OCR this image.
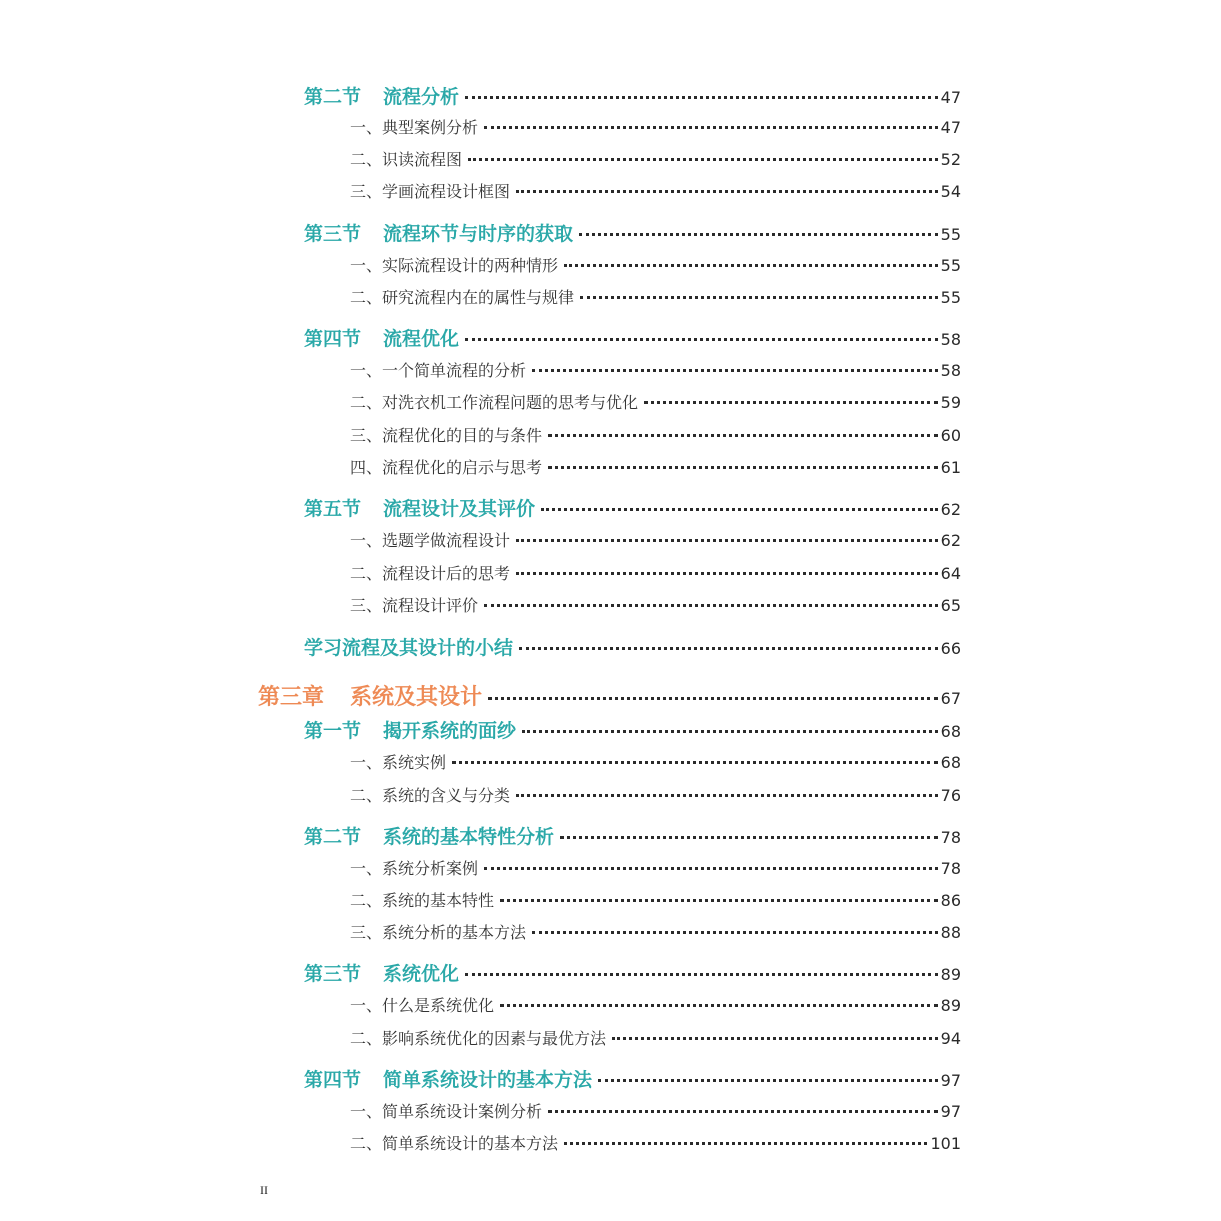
第二节 流程分析	47
一、典型案例分析	47
二、识读流程图	52
三、学画流程设计框图	54
第三节 流程环节与时序的获取	55
一、实际流程设计的两种情形	55
二、研究流程内在的属性与规律	55
第四节 流程优化	58
一、一个简单流程的分析	58
二、对洗衣机工作流程问题的思考与优化	59
三、流程优化的目的与条件	60
四、流程优化的启示与思考	61
第五节 流程设计及其评价	62
一、选题学做流程设计	62
二、流程设计后的思考	64
三、流程设计评价	65
学习流程及其设计的小结	66
第三章 系统及其设计	67
第一节 揭开系统的面纱	68
一、系统实例	68
二、系统的含义与分类	76
第二节 系统的基本特性分析	78
一、系统分析案例	78
二、系统的基本特性	86
三、系统分析的基本方法	88
第三节 系统优化	89
一、什么是系统优化	89
二、影响系统优化的因素与最优方法	94
第四节 简单系统设计的基本方法	97
一、简单系统设计案例分析	97
二、简单系统设计的基本方法	101
II
